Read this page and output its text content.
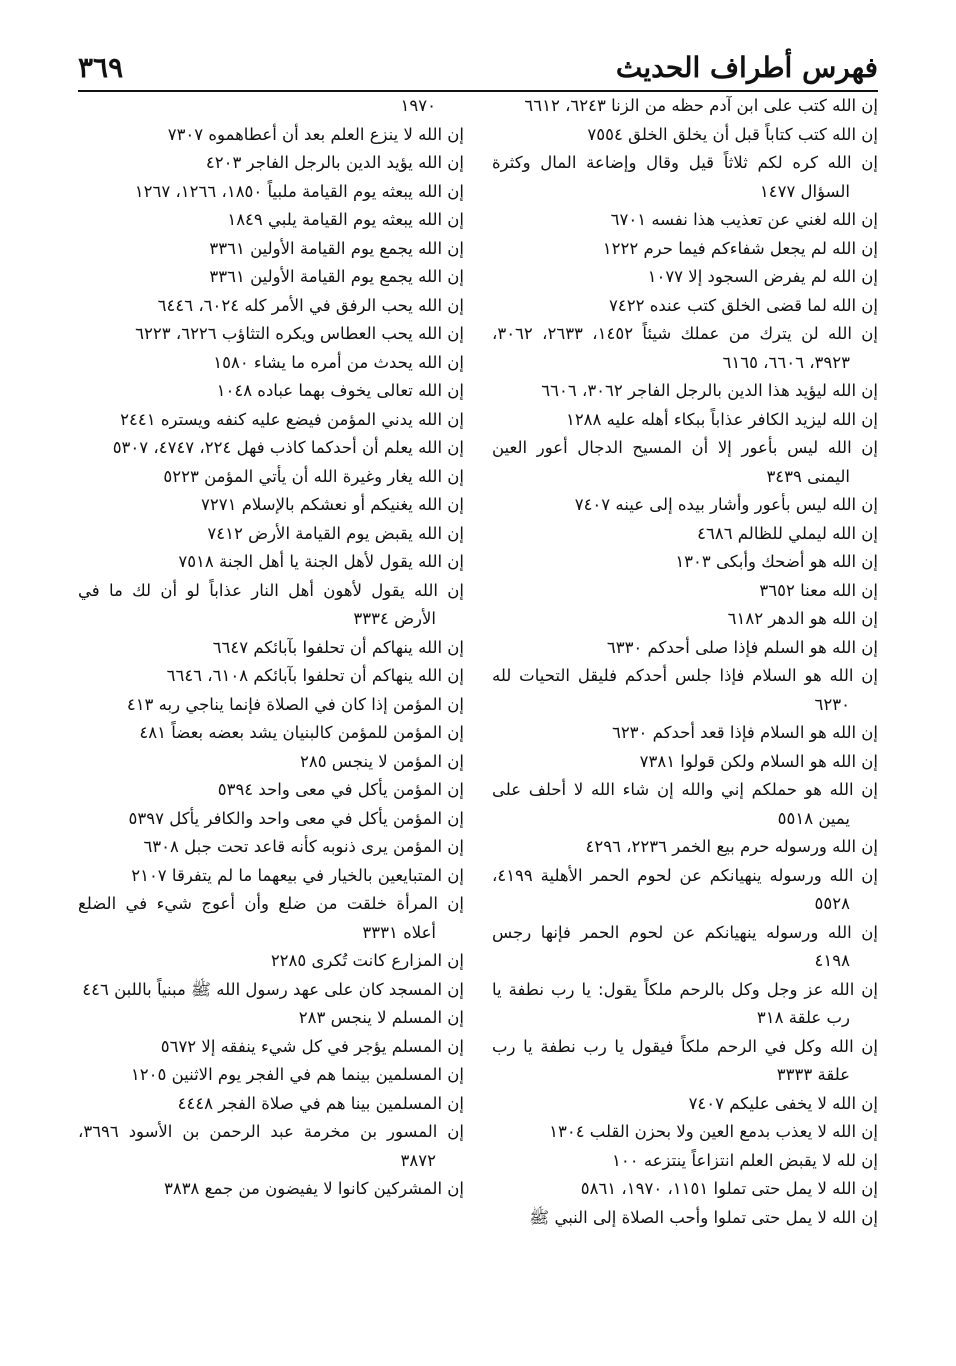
فهرس أطراف الحديث
٣٦٩
إن الله كتب على ابن آدم حظه من الزنا ٦٢٤٣، ٦٦١٢
إن الله كتب كتاباً قبل أن يخلق الخلق ٧٥٥٤
إن الله كره لكم ثلاثاً قيل وقال وإضاعة المال وكثرة السؤال ١٤٧٧
إن الله لغني عن تعذيب هذا نفسه ٦٧٠١
إن الله لم يجعل شفاءكم فيما حرم ١٢٢٢
إن الله لم يفرض السجود إلا ١٠٧٧
إن الله لما قضى الخلق كتب عنده ٧٤٢٢
إن الله لن يترك من عملك شيئاً ١٤٥٢، ٢٦٣٣، ٣٠٦٢، ٣٩٢٣، ٦٦٠٦، ٦١٦٥
إن الله ليؤيد هذا الدين بالرجل الفاجر ٣٠٦٢، ٦٦٠٦
إن الله ليزيد الكافر عذاباً ببكاء أهله عليه ١٢٨٨
إن الله ليس بأعور إلا أن المسيح الدجال أعور العين اليمنى ٣٤٣٩
إن الله ليس بأعور وأشار بيده إلى عينه ٧٤٠٧
إن الله ليملي للظالم ٤٦٨٦
إن الله هو أضحك وأبكى ١٣٠٣
إن الله معنا ٣٦٥٢
إن الله هو الدهر ٦١٨٢
إن الله هو السلم فإذا صلى أحدكم ٦٣٣٠
إن الله هو السلام فإذا جلس أحدكم فليقل التحيات لله ٦٢٣٠
إن الله هو السلام فإذا قعد أحدكم ٦٢٣٠
إن الله هو السلام ولكن قولوا ٧٣٨١
إن الله هو حملكم إني والله إن شاء الله لا أحلف على يمين ٥٥١٨
إن الله ورسوله حرم بيع الخمر ٢٢٣٦، ٤٢٩٦
إن الله ورسوله ينهيانكم عن لحوم الحمر الأهلية ٤١٩٩، ٥٥٢٨
إن الله ورسوله ينهيانكم عن لحوم الحمر فإنها رجس ٤١٩٨
إن الله عز وجل وكل بالرحم ملكاً يقول: يا رب نطفة يا رب علقة ٣١٨
إن الله وكل في الرحم ملكاً فيقول يا رب نطفة يا رب علقة ٣٣٣٣
إن الله لا يخفى عليكم ٧٤٠٧
إن الله لا يعذب بدمع العين ولا بحزن القلب ١٣٠٤
إن لله لا يقبض العلم انتزاعاً ينتزعه ١٠٠
إن الله لا يمل حتى تملوا ١١٥١، ١٩٧٠، ٥٨٦١
إن الله لا يمل حتى تملوا وأحب الصلاة إلى النبي ﷺ
١٩٧٠
إن الله لا ينزع العلم بعد أن أعطاهموه ٧٣٠٧
إن الله يؤيد الدين بالرجل الفاجر ٤٢٠٣
إن الله يبعثه يوم القيامة ملبياً ١٨٥٠، ١٢٦٦، ١٢٦٧
إن الله يبعثه يوم القيامة يلبي ١٨٤٩
إن الله يجمع يوم القيامة الأولين ٣٣٦١
إن الله يجمع يوم القيامة الأولين ٣٣٦١
إن الله يحب الرفق في الأمر كله ٦٠٢٤، ٦٤٤٦
إن الله يحب العطاس ويكره التثاؤب ٦٢٢٦، ٦٢٢٣
إن الله يحدث من أمره ما يشاء ١٥٨٠
إن الله تعالى يخوف بهما عباده ١٠٤٨
إن الله يدني المؤمن فيضع عليه كنفه ويستره ٢٤٤١
إن الله يعلم أن أحدكما كاذب فهل ٢٢٤، ٤٧٤٧، ٥٣٠٧
إن الله يغار وغيرة الله أن يأتي المؤمن ٥٢٢٣
إن الله يغنيكم أو نعشكم بالإسلام ٧٢٧١
إن الله يقبض يوم القيامة الأرض ٧٤١٢
إن الله يقول لأهل الجنة يا أهل الجنة ٧٥١٨
إن الله يقول لأهون أهل النار عذاباً لو أن لك ما في الأرض ٣٣٣٤
إن الله ينهاكم أن تحلفوا بآبائكم ٦٦٤٧
إن الله ينهاكم أن تحلفوا بآبائكم ٦١٠٨، ٦٦٤٦
إن المؤمن إذا كان في الصلاة فإنما يناجي ربه ٤١٣
إن المؤمن للمؤمن كالبنيان يشد بعضه بعضاً ٤٨١
إن المؤمن لا ينجس ٢٨٥
إن المؤمن يأكل في معى واحد ٥٣٩٤
إن المؤمن يأكل في معى واحد والكافر يأكل ٥٣٩٧
إن المؤمن يرى ذنوبه كأنه قاعد تحت جبل ٦٣٠٨
إن المتبايعين بالخيار في بيعهما ما لم يتفرقا ٢١٠٧
إن المرأة خلقت من ضلع وأن أعوج شيء في الضلع أعلاه ٣٣٣١
إن المزارع كانت تُكرى ٢٢٨٥
إن المسجد كان على عهد رسول الله ﷺ مبنياً باللبن ٤٤٦
إن المسلم لا ينجس ٢٨٣
إن المسلم يؤجر في كل شيء ينفقه إلا ٥٦٧٢
إن المسلمين بينما هم في الفجر يوم الاثنين ١٢٠٥
إن المسلمين بينا هم في صلاة الفجر ٤٤٤٨
إن المسور بن مخرمة عبد الرحمن بن الأسود ٣٦٩٦، ٣٨٧٢
إن المشركين كانوا لا يفيضون من جمع ٣٨٣٨
